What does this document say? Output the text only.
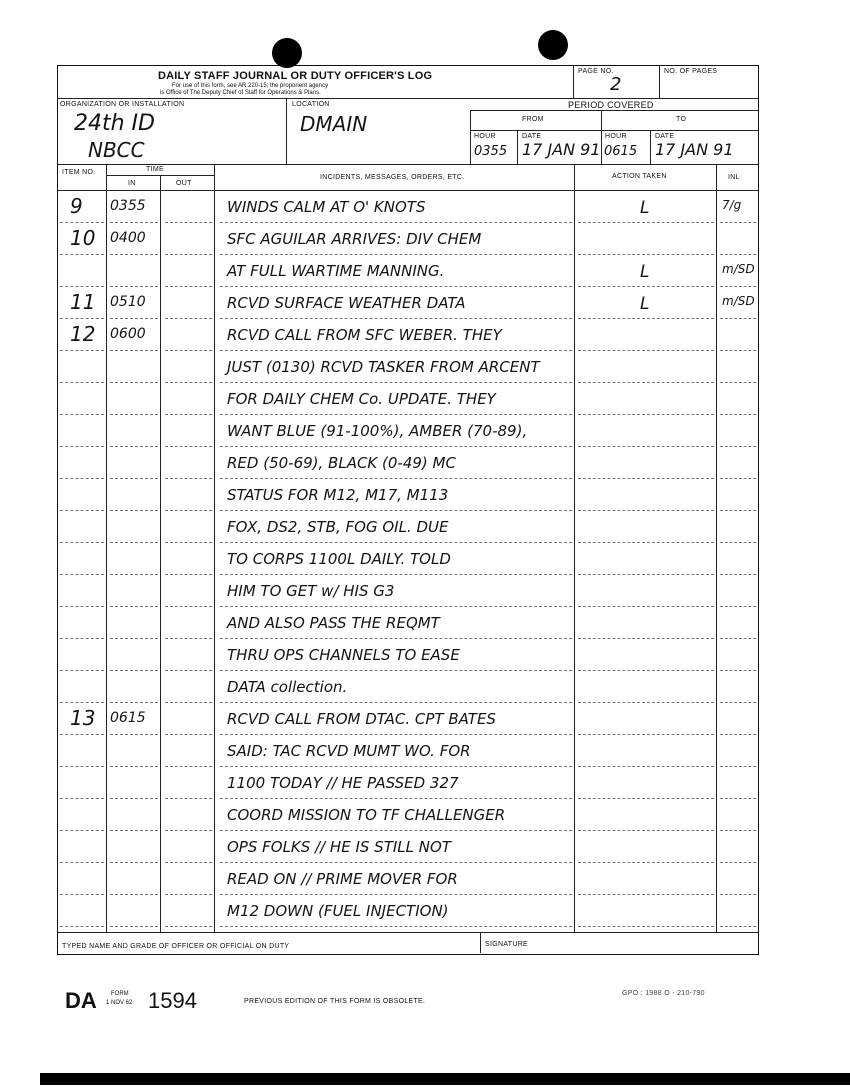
DAILY STAFF JOURNAL OR DUTY OFFICER'S LOG
For use of this form, see AR 220-15; the proponent agency
is Office of The Deputy Chief of Staff for Operations & Plans.
PAGE NO.
2
NO. OF PAGES
ORGANIZATION OR INSTALLATION
24th ID
NBCC
LOCATION
DMAIN
PERIOD COVERED
FROM	TO
HOUR	DATE	HOUR	DATE
0355 17 JAN 91 0615 17 JAN 91
ITEM NO.	TIME
IN	OUT
INCIDENTS, MESSAGES, ORDERS, ETC.	ACTION TAKEN	INL
9	0355	WINDS CALM AT O' KNOTS	L	7/g
10	0400	SFC AGUILAR ARRIVES: DIV CHEM
AT FULL WARTIME MANNING.	L	m/SD
11	0510	RCVD SURFACE WEATHER DATA	L	m/SD
12	0600	RCVD CALL FROM SFC WEBER. THEY
JUST (0130) RCVD TASKER FROM ARCENT
FOR DAILY CHEM Co. UPDATE. THEY
WANT BLUE (91-100%), AMBER (70-89),
RED (50-69), BLACK (0-49) MC
STATUS FOR M12, M17, M113
FOX, DS2, STB, FOG OIL. DUE
TO CORPS 1100L DAILY. TOLD
HIM TO GET w/ HIS G3
AND ALSO PASS THE REQMT
THRU OPS CHANNELS TO EASE
DATA collection.
13	0615	RCVD CALL FROM DTAC. CPT BATES
SAID: TAC RCVD MUMT WO. FOR
1100 TODAY // HE PASSED 327
COORD MISSION TO TF CHALLENGER
OPS FOLKS // HE IS STILL NOT
READ ON // PRIME MOVER FOR
M12 DOWN (FUEL INJECTION)
TYPED NAME AND GRADE OF OFFICER OR OFFICIAL ON DUTY	SIGNATURE
DA FORM
1 NOV 62 1594	PREVIOUS EDITION OF THIS FORM IS OBSOLETE.
GPO : 1988 O - 210-790
